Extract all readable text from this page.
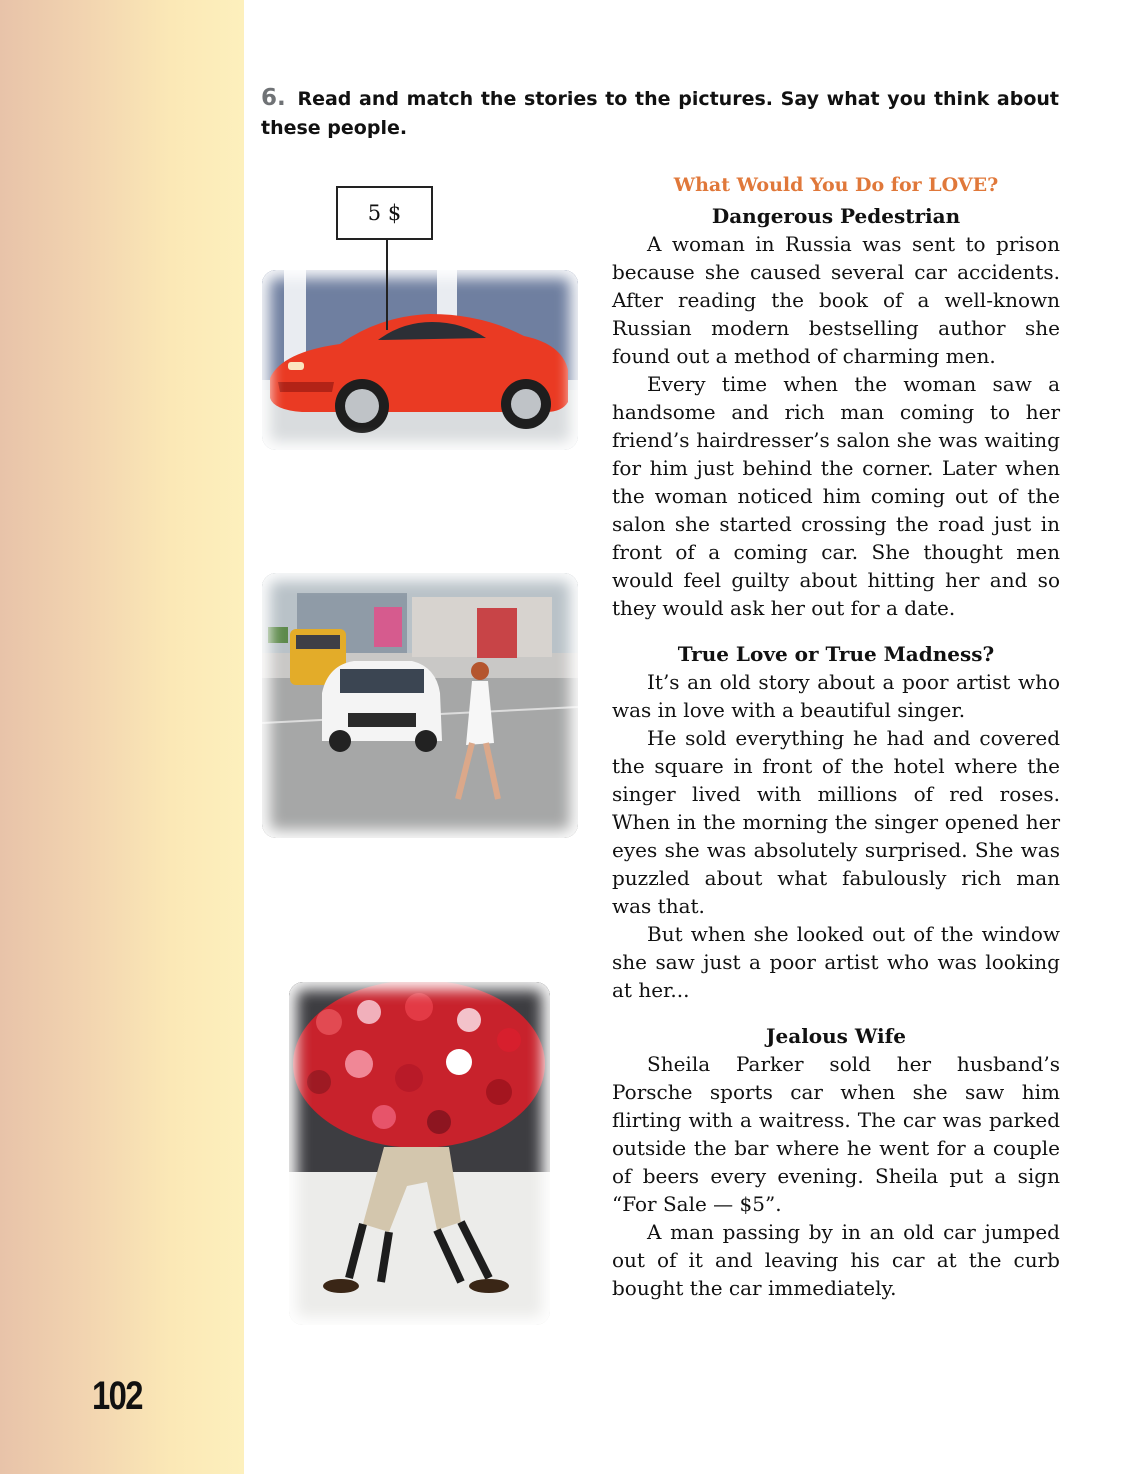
102
6. Read and match the stories to the pictures. Say what you think about these people.
5 $
What Would You Do for LOVE?
Dangerous Pedestrian

A woman in Russia was sent to prison because she caused several car accidents. After reading the book of a well-known Russian modern bestselling author she found out a method of charming men.

Every time when the woman saw a handsome and rich man coming to her friend’s hairdresser’s salon she was waiting for him just behind the corner. Later when the woman noticed him coming out of the salon she started crossing the road just in front of a coming car. She thought men would feel guilty about hitting her and so they would ask her out for a date.

True Love or True Madness?

It’s an old story about a poor artist who was in love with a beautiful singer.

He sold everything he had and covered the square in front of the hotel where the singer lived with millions of red roses. When in the morning the singer opened her eyes she was absolutely surprised. She was puzzled about what fabulously rich man was that.

But when she looked out of the window she saw just a poor artist who was looking at her...

Jealous Wife

Sheila Parker sold her husband’s Porsche sports car when she saw him flirting with a waitress. The car was parked outside the bar where he went for a couple of beers every evening. Sheila put a sign “For Sale — $5”.

A man passing by in an old car jumped out of it and leaving his car at the curb bought the car immediately.
